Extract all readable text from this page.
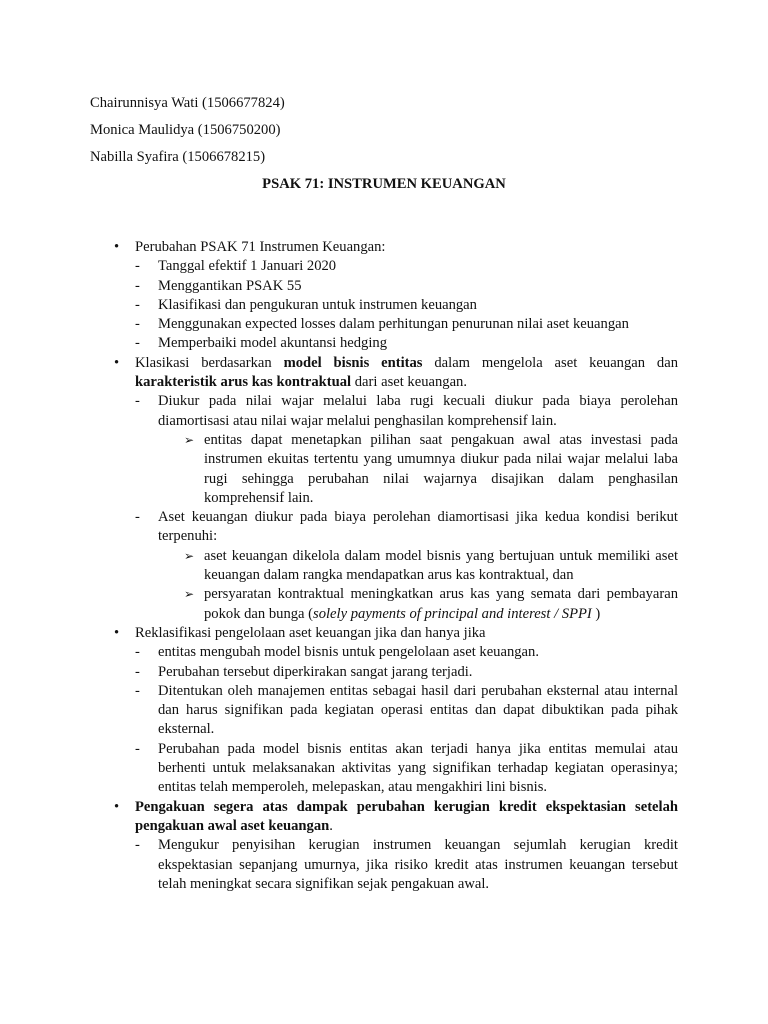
Chairunnisya Wati (1506677824)
Monica Maulidya (1506750200)
Nabilla Syafira (1506678215)
PSAK 71: INSTRUMEN KEUANGAN

• Perubahan PSAK 71 Instrumen Keuangan:

- Tanggal efektif 1 Januari 2020

- Menggantikan PSAK 55

- Klasifikasi dan pengukuran untuk instrumen keuangan

- Menggunakan expected losses dalam perhitungan penurunan nilai aset keuangan

- Memperbaiki model akuntansi hedging

• Klasikasi berdasarkan model bisnis entitas dalam mengelola aset keuangan dan karakteristik arus kas kontraktual dari aset keuangan.

- Diukur pada nilai wajar melalui laba rugi kecuali diukur pada biaya perolehan diamortisasi atau nilai wajar melalui penghasilan komprehensif lain.

➢ entitas dapat menetapkan pilihan saat pengakuan awal atas investasi pada instrumen ekuitas tertentu yang umumnya diukur pada nilai wajar melalui laba rugi sehingga perubahan nilai wajarnya disajikan dalam penghasilan komprehensif lain.

- Aset keuangan diukur pada biaya perolehan diamortisasi jika kedua kondisi berikut terpenuhi:

➢ aset keuangan dikelola dalam model bisnis yang bertujuan untuk memiliki aset keuangan dalam rangka mendapatkan arus kas kontraktual, dan

➢ persyaratan kontraktual meningkatkan arus kas yang semata dari pembayaran pokok dan bunga (solely payments of principal and interest / SPPI )

• Reklasifikasi pengelolaan aset keuangan jika dan hanya jika

- entitas mengubah model bisnis untuk pengelolaan aset keuangan.

- Perubahan tersebut diperkirakan sangat jarang terjadi.

- Ditentukan oleh manajemen entitas sebagai hasil dari perubahan eksternal atau internal dan harus signifikan pada kegiatan operasi entitas dan dapat dibuktikan pada pihak eksternal.

- Perubahan pada model bisnis entitas akan terjadi hanya jika entitas memulai atau berhenti untuk melaksanakan aktivitas yang signifikan terhadap kegiatan operasinya; entitas telah memperoleh, melepaskan, atau mengakhiri lini bisnis.

• Pengakuan segera atas dampak perubahan kerugian kredit ekspektasian setelah pengakuan awal aset keuangan.

- Mengukur penyisihan kerugian instrumen keuangan sejumlah kerugian kredit ekspektasian sepanjang umurnya, jika risiko kredit atas instrumen keuangan tersebut telah meningkat secara signifikan sejak pengakuan awal.
